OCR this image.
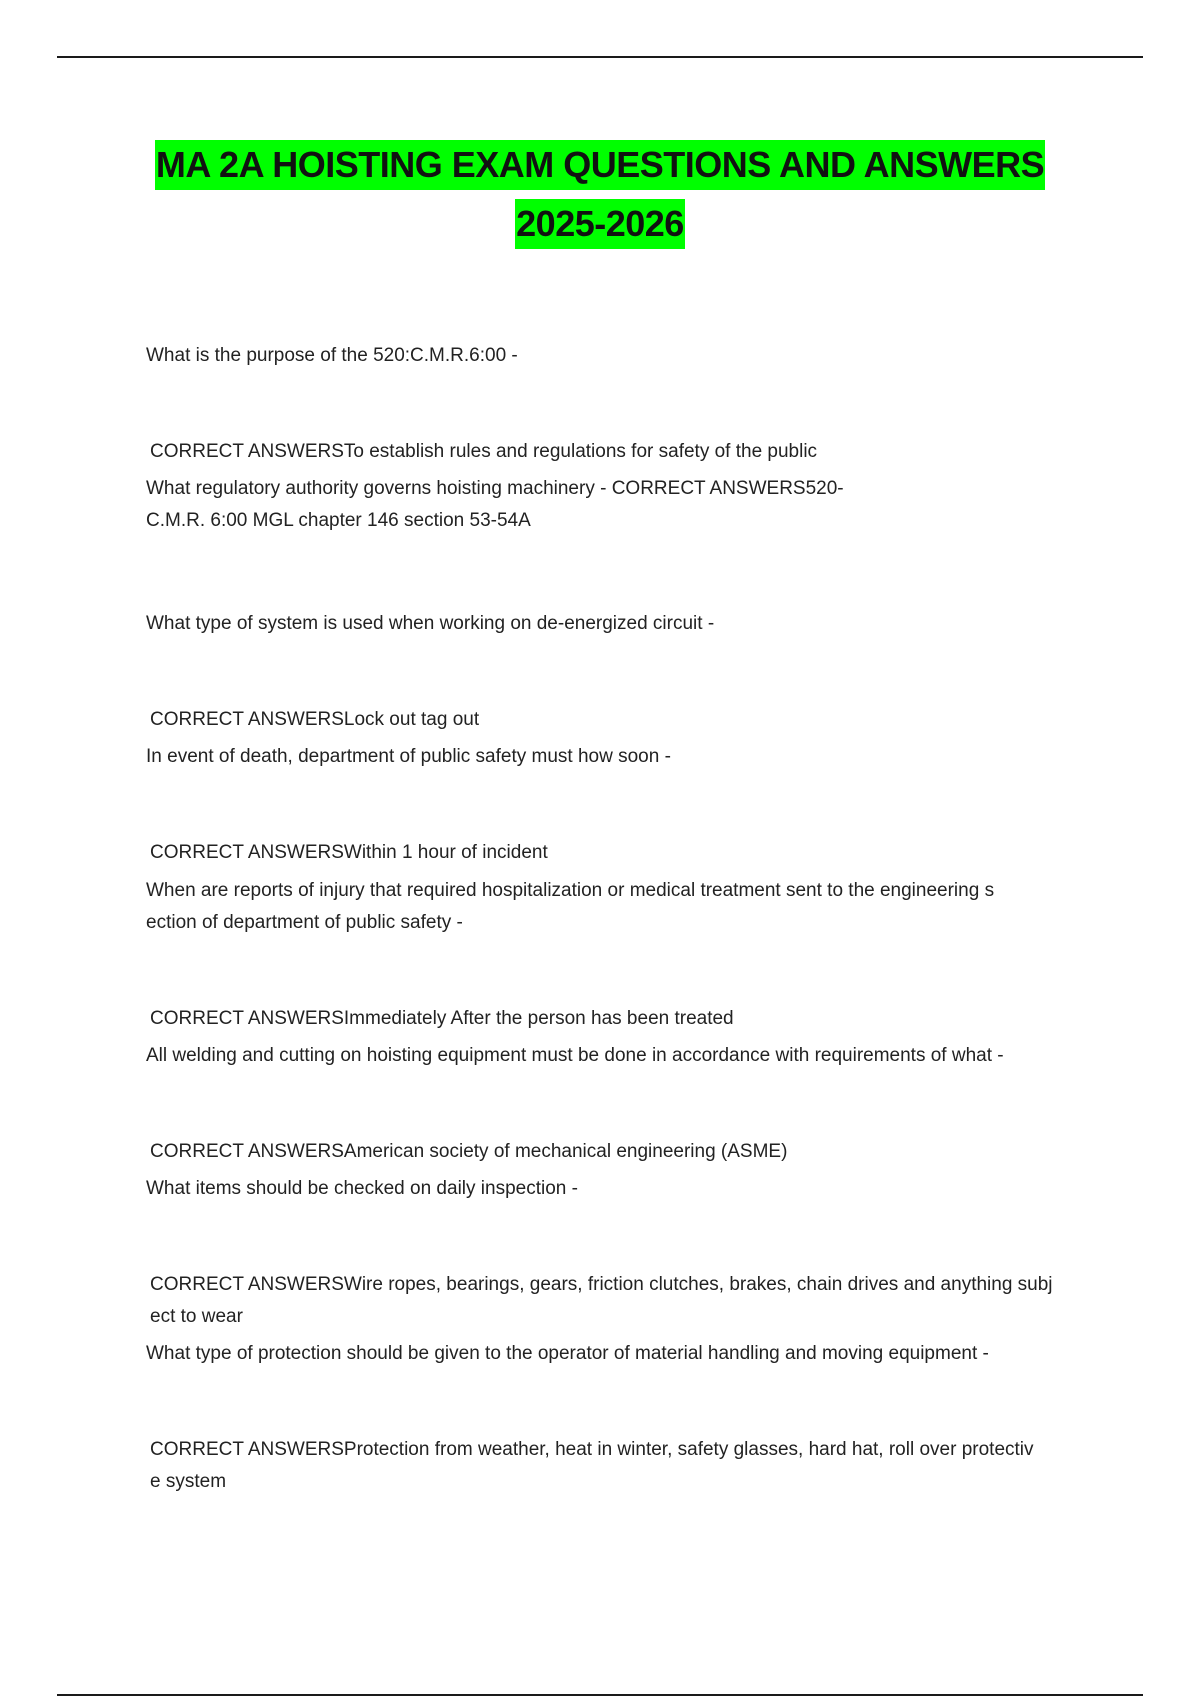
MA 2A HOISTING EXAM QUESTIONS AND ANSWERS
2025-2026

What is the purpose of the 520:C.M.R.6:00 -

CORRECT ANSWERSTo establish rules and regulations for safety of the public

What regulatory authority governs hoisting machinery - CORRECT ANSWERS520-
C.M.R. 6:00 MGL chapter 146 section 53-54A

What type of system is used when working on de-energized circuit -

CORRECT ANSWERSLock out tag out

In event of death, department of public safety must how soon -

CORRECT ANSWERSWithin 1 hour of incident

When are reports of injury that required hospitalization or medical treatment sent to the engineering s
ection of department of public safety -

CORRECT ANSWERSImmediately After the person has been treated

All welding and cutting on hoisting equipment must be done in accordance with requirements of what -

CORRECT ANSWERSAmerican society of mechanical engineering (ASME)

What items should be checked on daily inspection -

CORRECT ANSWERSWire ropes, bearings, gears, friction clutches, brakes, chain drives and anything subj
ect to wear

What type of protection should be given to the operator of material handling and moving equipment -

CORRECT ANSWERSProtection from weather, heat in winter, safety glasses, hard hat, roll over protectiv
e system
